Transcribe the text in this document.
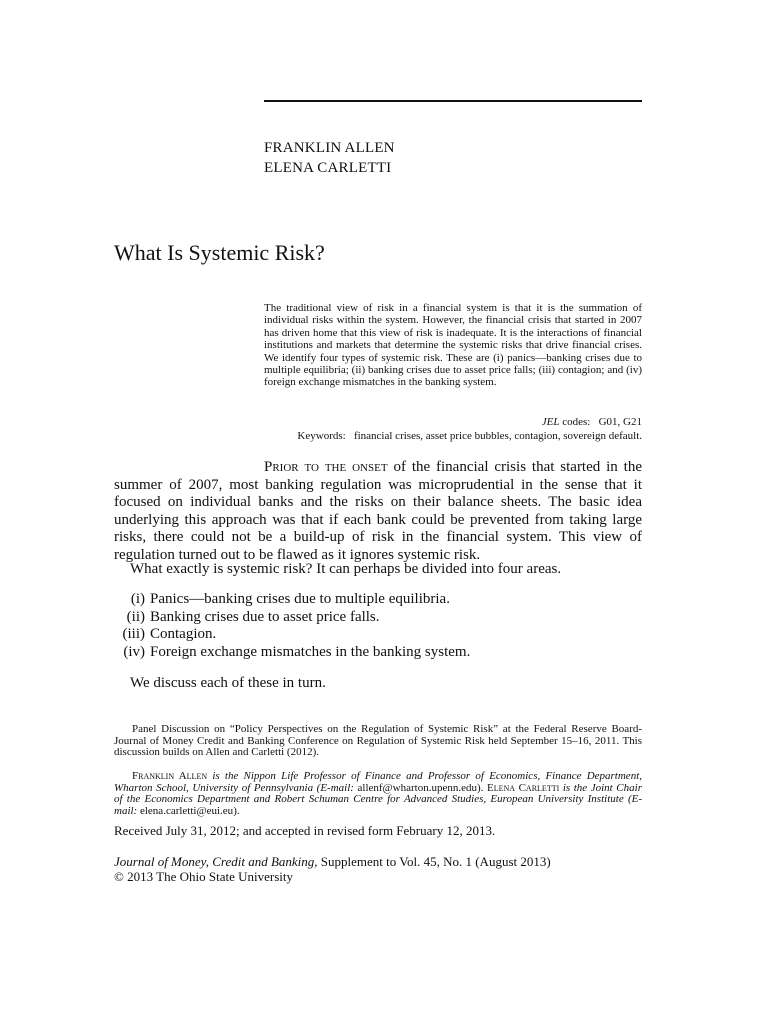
FRANKLIN ALLEN
ELENA CARLETTI
What Is Systemic Risk?

The traditional view of risk in a financial system is that it is the summation of individual risks within the system. However, the financial crisis that started in 2007 has driven home that this view of risk is inadequate. It is the interactions of financial institutions and markets that determine the systemic risks that drive financial crises. We identify four types of systemic risk. These are (i) panics—banking crises due to multiple equilibria; (ii) banking crises due to asset price falls; (iii) contagion; and (iv) foreign exchange mismatches in the banking system.

JEL codes: G01, G21
Keywords: financial crises, asset price bubbles, contagion, sovereign default.

Prior to the onset of the financial crisis that started in the summer of 2007, most banking regulation was microprudential in the sense that it focused on individual banks and the risks on their balance sheets. The basic idea underlying this approach was that if each bank could be prevented from taking large risks, there could not be a build-up of risk in the financial system. This view of regulation turned out to be flawed as it ignores systemic risk.

What exactly is systemic risk? It can perhaps be divided into four areas.

(i) Panics—banking crises due to multiple equilibria.
(ii) Banking crises due to asset price falls.
(iii) Contagion.
(iv) Foreign exchange mismatches in the banking system.

We discuss each of these in turn.

Panel Discussion on “Policy Perspectives on the Regulation of Systemic Risk” at the Federal Reserve Board-Journal of Money Credit and Banking Conference on Regulation of Systemic Risk held September 15–16, 2011. This discussion builds on Allen and Carletti (2012).

Franklin Allen is the Nippon Life Professor of Finance and Professor of Economics, Finance Department, Wharton School, University of Pennsylvania (E-mail: allenf@wharton.upenn.edu). Elena Carletti is the Joint Chair of the Economics Department and Robert Schuman Centre for Advanced Studies, European University Institute (E-mail: elena.carletti@eui.eu).

Received July 31, 2012; and accepted in revised form February 12, 2013.

Journal of Money, Credit and Banking, Supplement to Vol. 45, No. 1 (August 2013)
© 2013 The Ohio State University
